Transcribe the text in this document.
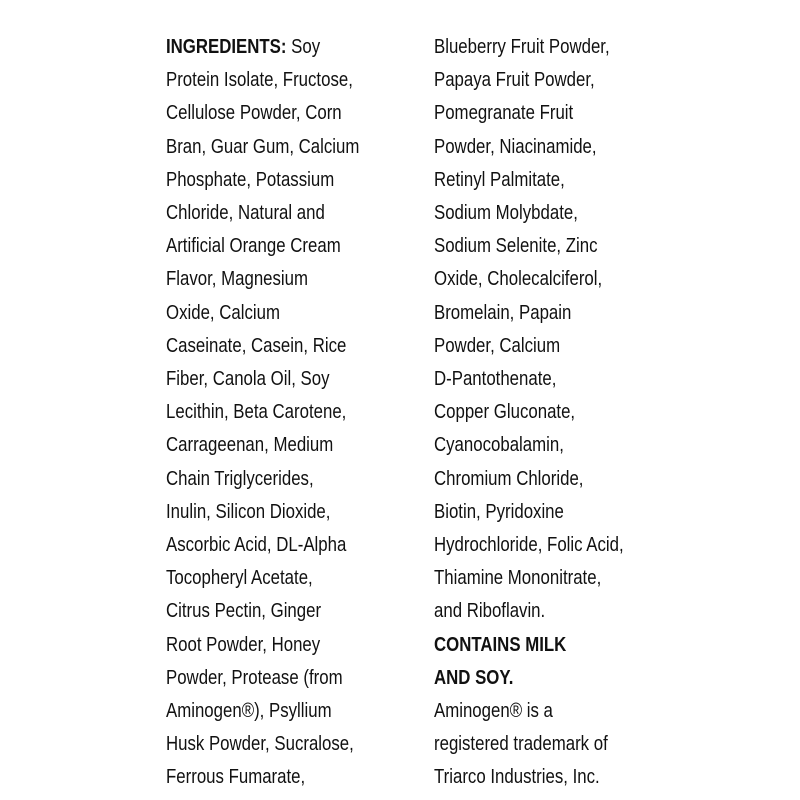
INGREDIENTS: Soy
Protein Isolate, Fructose,
Cellulose Powder, Corn
Bran, Guar Gum, Calcium
Phosphate, Potassium
Chloride, Natural and
Artificial Orange Cream
Flavor, Magnesium
Oxide, Calcium
Caseinate, Casein, Rice
Fiber, Canola Oil, Soy
Lecithin, Beta Carotene,
Carrageenan, Medium
Chain Triglycerides,
Inulin, Silicon Dioxide,
Ascorbic Acid, DL-Alpha
Tocopheryl Acetate,
Citrus Pectin, Ginger
Root Powder, Honey
Powder, Protease (from
Aminogen®), Psyllium
Husk Powder, Sucralose,
Ferrous Fumarate,
Blueberry Fruit Powder,
Papaya Fruit Powder,
Pomegranate Fruit
Powder, Niacinamide,
Retinyl Palmitate,
Sodium Molybdate,
Sodium Selenite, Zinc
Oxide, Cholecalciferol,
Bromelain, Papain
Powder, Calcium
D-Pantothenate,
Copper Gluconate,
Cyanocobalamin,
Chromium Chloride,
Biotin, Pyridoxine
Hydrochloride, Folic Acid,
Thiamine Mononitrate,
and Riboflavin.
CONTAINS MILK
AND SOY.
Aminogen® is a
registered trademark of
Triarco Industries, Inc.
